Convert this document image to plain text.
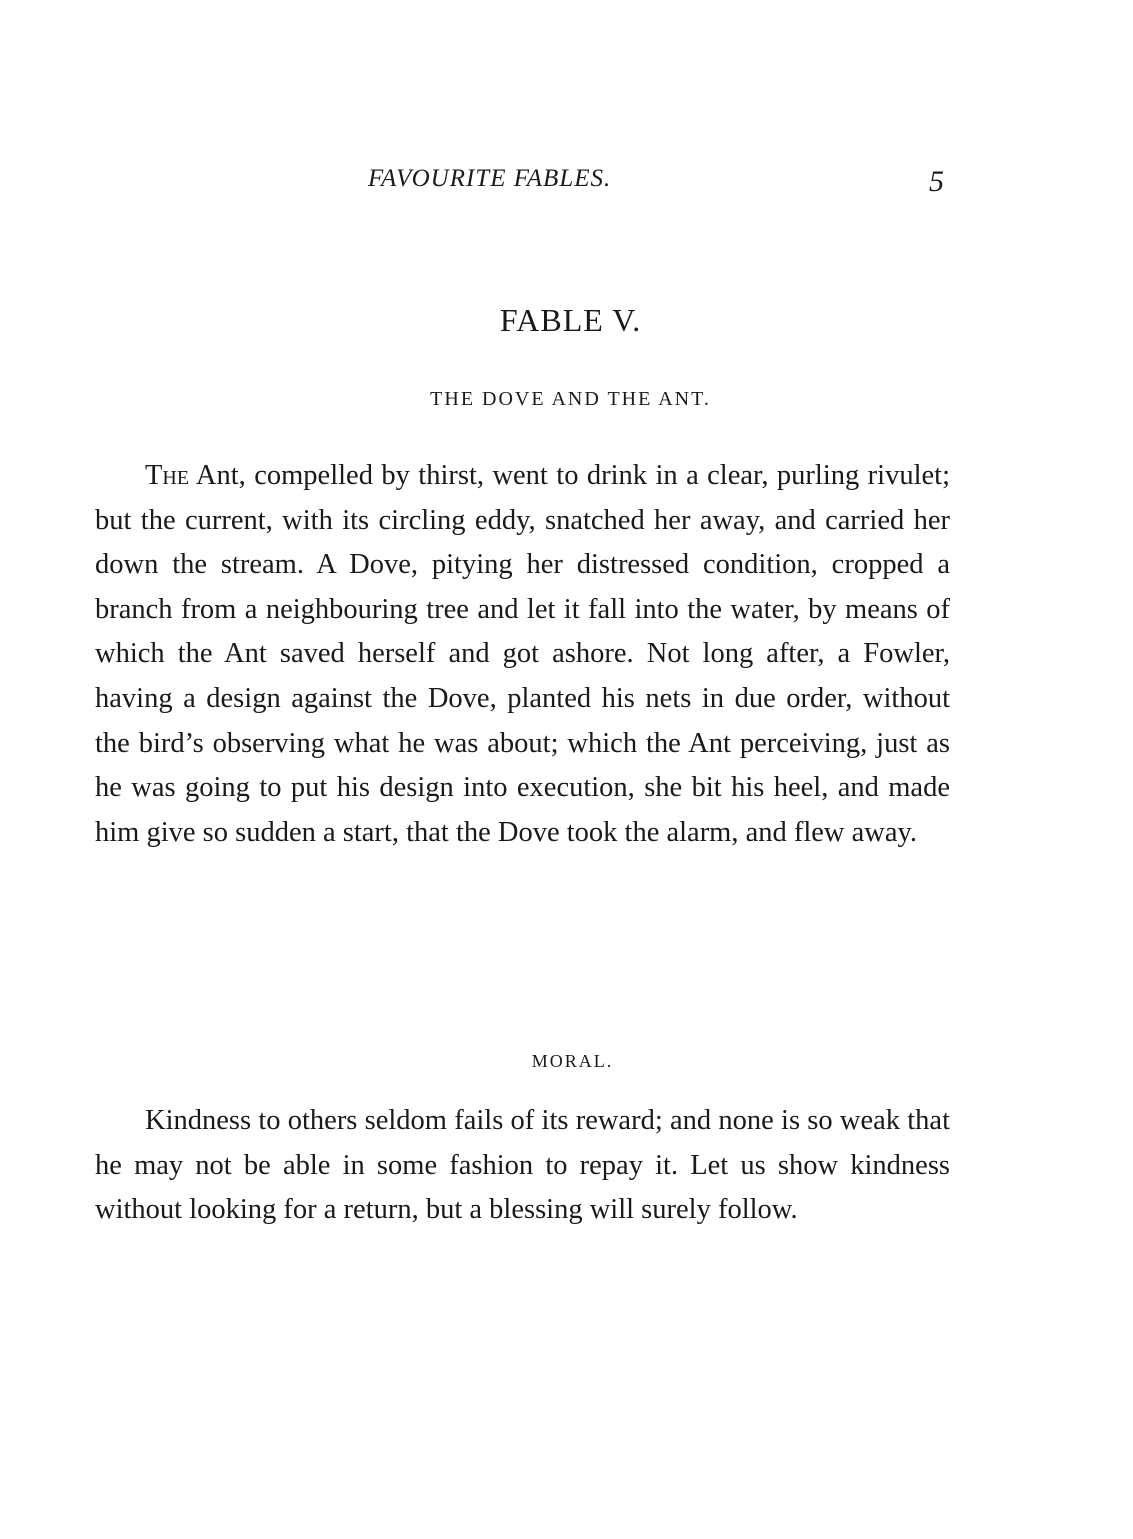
FAVOURITE FABLES.	5
FABLE V.
THE DOVE AND THE ANT.

The Ant, compelled by thirst, went to drink in a clear, purling rivulet; but the current, with its circling eddy, snatched her away, and carried her down the stream. A Dove, pitying her distressed condition, cropped a branch from a neighbouring tree and let it fall into the water, by means of which the Ant saved herself and got ashore. Not long after, a Fowler, having a design against the Dove, planted his nets in due order, without the bird’s observing what he was about; which the Ant perceiving, just as he was going to put his design into execution, she bit his heel, and made him give so sudden a start, that the Dove took the alarm, and flew away.

MORAL.

Kindness to others seldom fails of its reward; and none is so weak that he may not be able in some fashion to repay it. Let us show kindness without looking for a return, but a blessing will surely follow.
